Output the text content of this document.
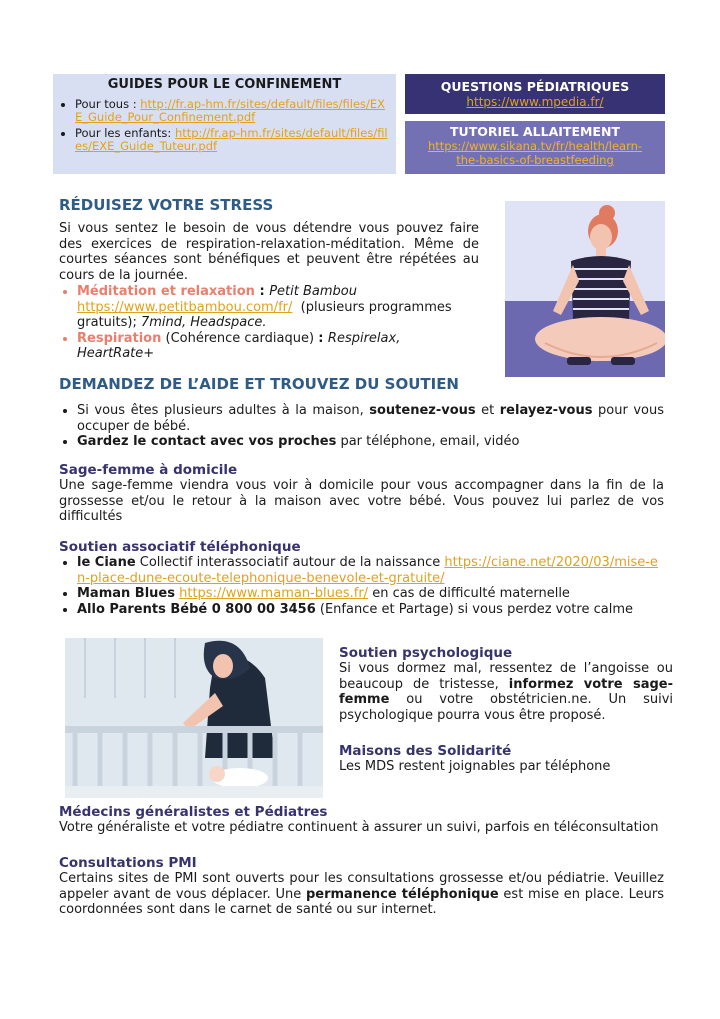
GUIDES POUR LE CONFINEMENT
• Pour tous : http://fr.ap-hm.fr/sites/default/files/files/EXE_Guide_Pour_Confinement.pdf
• Pour les enfants: http://fr.ap-hm.fr/sites/default/files/files/EXE_Guide_Tuteur.pdf
QUESTIONS PÉDIATRIQUES
https://www.mpedia.fr/
TUTORIEL ALLAITEMENT
https://www.sikana.tv/fr/health/learn-the-basics-of-breastfeeding
RÉDUISEZ VOTRE STRESS
Si vous sentez le besoin de vous détendre vous pouvez faire des exercices de respiration-relaxation-méditation. Même de courtes séances sont bénéfiques et peuvent être répétées au cours de la journée.
• Méditation et relaxation : Petit Bambou
https://www.petitbambou.com/fr/ (plusieurs programmes gratuits); 7mind, Headspace.
• Respiration (Cohérence cardiaque) : Respirelax, HeartRate+
DEMANDEZ DE L’AIDE ET TROUVEZ DU SOUTIEN
• Si vous êtes plusieurs adultes à la maison, soutenez-vous et relayez-vous pour vous occuper de bébé.
• Gardez le contact avec vos proches par téléphone, email, vidéo
Sage-femme à domicile
Une sage-femme viendra vous voir à domicile pour vous accompagner dans la fin de la grossesse et/ou le retour à la maison avec votre bébé. Vous pouvez lui parlez de vos difficultés
Soutien associatif téléphonique
• le Ciane Collectif interassociatif autour de la naissance https://ciane.net/2020/03/mise-en-place-dune-ecoute-telephonique-benevole-et-gratuite/
• Maman Blues https://www.maman-blues.fr/ en cas de difficulté maternelle
• Allo Parents Bébé 0 800 00 3456 (Enfance et Partage) si vous perdez votre calme
Soutien psychologique
Si vous dormez mal, ressentez de l’angoisse ou beaucoup de tristesse, informez votre sage-femme ou votre obstétricien.ne. Un suivi psychologique pourra vous être proposé.
Maisons des Solidarité
Les MDS restent joignables par téléphone
Médecins généralistes et Pédiatres
Votre généraliste et votre pédiatre continuent à assurer un suivi, parfois en téléconsultation
Consultations PMI
Certains sites de PMI sont ouverts pour les consultations grossesse et/ou pédiatrie. Veuillez appeler avant de vous déplacer. Une permanence téléphonique est mise en place. Leurs coordonnées sont dans le carnet de santé ou sur internet.
